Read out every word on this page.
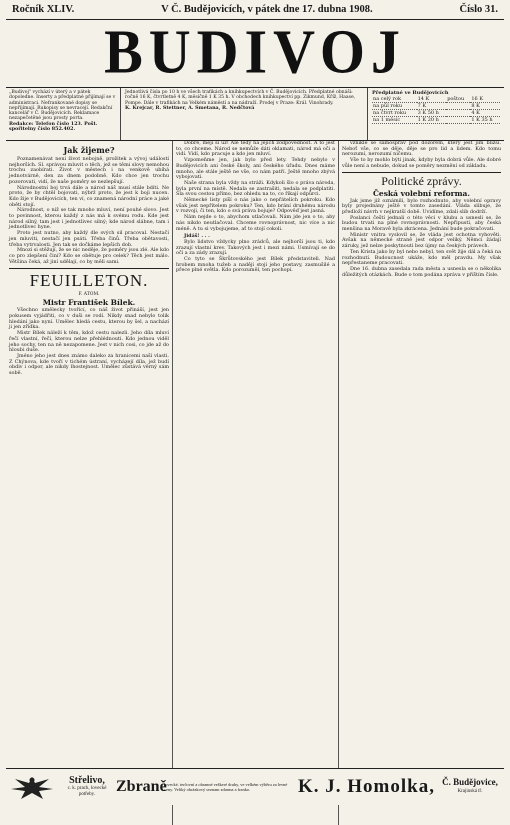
Ročník XLIV.	V Č. Budějovicích, v pátek dne 17. dubna 1908.	Číslo 31.
BUDIVOJ
„Budivoj" vychází v úterý a v pátek dopoledne. Inserty a předplatné přijímají se v administraci. Nefrankované dopisy se nepřijímají. Rukopisy se nevracejí. Redakční kancelář v Č. Budějovicích. Reklamace nezapečetěné jsou prosty porta.
Redakce: Telefon číslo 123. Pošt. spořitelny číslo 852.402.
Jednotlivá čísla po 10 h ve všech trafikách a knihkupectvích v Č. Budějovicích. Předplatné obnáší: ročně 16 K, čtvrtletně 4 K, měsíčně 1 K 35 h. V obchodech knihkupectví pp. Zikmund, Kříž, Haase, Pompe. Dále v trafikách na Velkém náměstí a na nádraží. Prodej v Praze: Král. Vinohrady.
K. Krejcar, R. Stettner, A. Smetana, R. Nedčtová
Předplatné ve Budějovicích
na celý rok	14 K	poštou	16 K
na půl roku	7 K		8 K
na čtvrt roku	3 K 50 h		4 K
na 1 měsíc	1 K 20 h		1 K 35 h
Jak žijeme?

Poznamenávat není život nebojně, prožitek a vývoj událostí nejhorších. Sl. správou mluvit o těch, jež se těmi slovy nemohou trochu zaobírati. Život v městech i na venkově ubíhá jednotvárně, den za dnem podobně. Kdo chce jen trochu pozorovati, vidí, že naše poměry se nezlepšují.

Národnostní boj trvá dále a národ náš musí stále bdíti. Ne proto, že by chtěl bojovati, nýbrž proto, že jest k boji nucen. Kdo žije v Budějovicích, ten ví, co znamená národní práce a jaké oběti stojí.

Národnost, o níž se tak mnoho mluví, není pouhé slovo. Jest to povinnost, kterou každý z nás má k svému rodu. Kde jest národ silný, tam jest i jednotlivec silný; kde národ slábne, tam i jednotlivec hyne.

Proto jest nutno, aby každý dle svých sil pracoval. Nestačí jen mluviti, nestačí jen psáti. Třeba činů. Třeba obětavosti, třeba vytrvalosti. Jen tak se dočkáme lepších dob.

Mnozí si stěžují, že se nic neděje, že poměry jsou zlé. Ale kdo co pro zlepšení činí? Kdo se obětuje pro celek? Těch jest málo. Většina čeká, až jiní udělají, co by měli sami.

FEUILLETON.
F. ATOM.
Mistr František Bílek.

Všechno umělecky tvořící, co náš život přináší, jest jen pokusem vyjádřiti, co v duši se rodí. Nikdy snad nebylo tolik hledání jako nyní. Umělec hledá cestu, kterou by šel, a nachází ji jen zřídka.

Mistr Bílek náleží k těm, kdož cestu nalezli. Jeho díla mluví řečí vlastní, řečí, kterou nelze přehlédnouti. Kdo jednou viděl jeho sochy, ten na ně nezapomene. Jest v nich cosi, co jde až do hloubi duše.

Jméno jeho jest dnes známo daleko za hranicemi naší vlasti. Z Chýnova, kde tvoří v tichém ústraní, vycházejí díla, jež budí obdiv i odpor, ale nikdy lhostejnost. Umělec zůstává věrný sám sobě.

Dobře, mějí si už! Ale tedy na jejich zodpovědnost. A to jest to, co chceme. Národ se nemůže dáti oklamati, národ má oči a vidí. Vidí, kdo pracuje a kdo jen mluví.

Vzpomeňme jen, jak bylo před lety. Tehdy nebylo v Budějovicích ani české školy, ani českého úřadu. Dnes máme mnoho, ale stále ještě ne vše, co nám patří. Ještě mnoho zbývá vybojovati.

Naše strana byla vždy na stráži. Kdykoli šlo o práva národa, byla první na místě. Nedala se zastrašiti, nedala se podplatiti. Šla svou cestou přímo, bez ohledu na to, co říkají odpůrci.

Německé listy píší o nás jako o nepřátelích pokroku. Kdo však jest nepřítelem pokroku? Ten, kdo brání druhému národu v rozvoji, či ten, kdo o svá práva bojuje? Odpověď jest jasná.

Nám nejde o to, abychom utlačovali. Nám jde jen o to, aby nás nikdo neutlačoval. Chceme rovnoprávnost, nic více a nic méně. A tu si vybojujeme, ať to stojí cokoli.

Jidáš! . . .

Bylo lidstvo vždycky plno zrádců, ale nejhorší jsou ti, kdo zrazují vlastní krev. Takových jest i mezi námi. Usmívají se do očí a za zády zrazují.

Co tyto se Škrůtovského jest Bílek představiteli. Nad hrobem mnoha tužeb a nadějí stojí jeho postavy, zasmušilé a přece plné světla. Kdo porozuměl, ten pochopí.

vzniklé se samospráv pod dozorem, který jest jim bližší. Neboť vše, co se děje, děje se pro lid a lidem. Kdo tomu nerozumí, nerozumí ničemu.

Vše to by mohlo býti jinak, kdyby byla dobrá vůle. Ale dobré vůle není a nebude, dokud se poměry nezmění od základu.

Politické zprávy.
Česká volební reforma.

Jak jsme již oznámili, bylo rozhodnuto, aby volební opravy byly projednány ještě v tomto zasedání. Vláda slibuje, že předloží návrh v nejkratší době. Uvidíme, zdali slib dodrží.

Poslanci čeští jednali o této věci v klubu a usnesli se, že budou trvati na plné rovnoprávnosti. Nepřipustí, aby česká menšina na Moravě byla zkrácena. Jednání bude pokračovati.

Ministr vnitra vyslovil se, že vláda jest ochotna vyhověti. Avšak na německé straně jest odpor veliký. Němci žádají záruky, jež nelze poskytnouti bez újmy na českých právech.

Ten Krista jako by byl nebo nebyl, ten svět žije dál a čeká na rozhodnutí. Budoucnost ukáže, kdo měl pravdu. My však nepřestaneme pracovati.

Dne 16. dubna zasedala rada města a usnesla se o několika důležitých otázkách. Bude o tom podána zpráva v příštím čísle.

Střelivo,
c. k. prach, lovecké potřeby.	Zbraně
lovecké, terčovní a obranné veškeré druhy, ve velkém výběru za levné ceny. Veliký obrázkový seznam zdarma a franko.	K. J. Homolka, Č. Budějovice,
Krajinská tř.
